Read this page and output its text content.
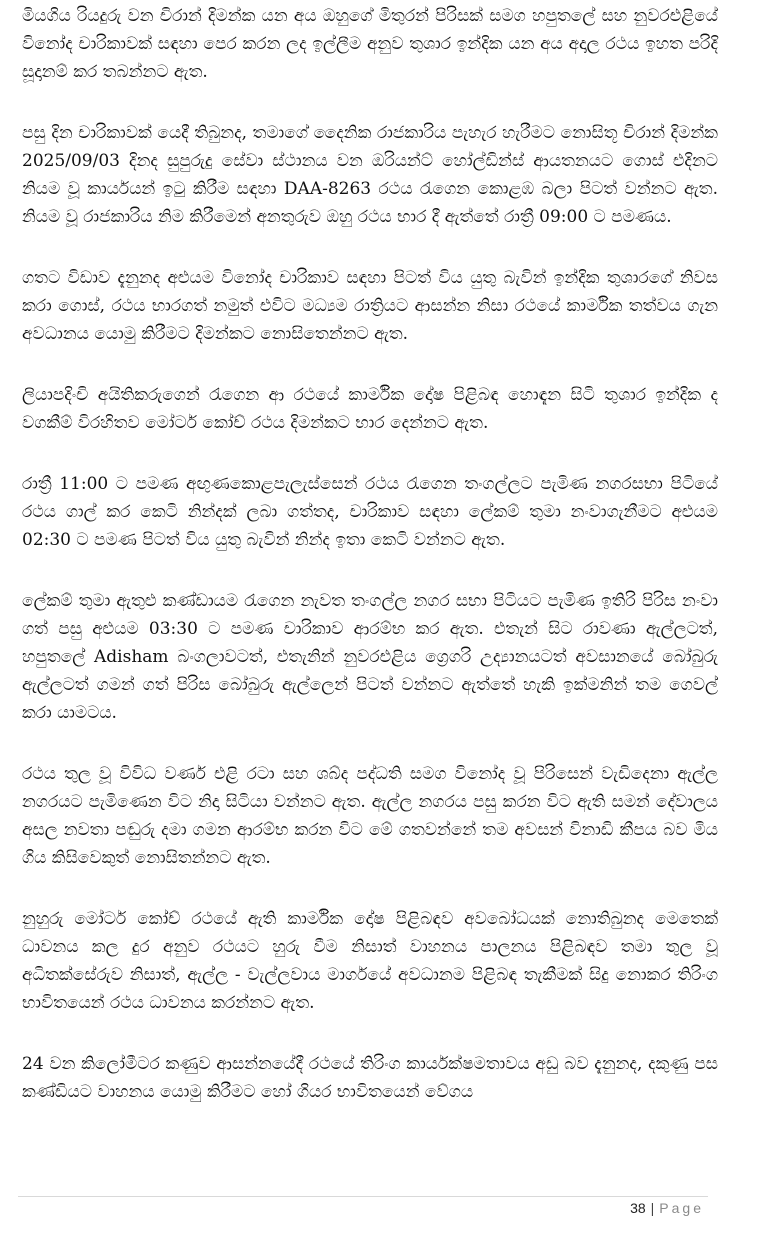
මියගිය රියදුරු වන චිරාන් දිමන්ක යන අය ඔහුගේ මිතුරන් පිරිසක් සමග හපුතලේ සහ නුවරඑළියේ විනෝද චාරිකාවක් සඳහා පෙර කරන ලද ඉල්ලීම අනුව තුශාර ඉන්දික යන අය අදාල රථය ඉහත පරිදි සූදානම් කර තබන්නට ඇත.

පසු දින චාරිකාවක් යෙදී තිබුනද, තමාගේ දෛනික රාජකාරිය පැහැර හැරීමට නොසිතූ චිරාන් දිමන්ක 2025/09/03 දිනද සුපුරුදු සේවා ස්ථානය වන ඔරියන්ට් හෝල්ඩින්ස් ආයතනයට ගොස් එදිනට නියම වූ කාර්යයන් ඉටු කිරීම සඳහා DAA-8263 රථය රැගෙන කොළඹ බලා පිටත් වන්නට ඇත. නියම වූ රාජකාරිය නිම කිරීමෙන් අනතුරුව ඔහු රථය භාර දී ඇත්තේ රාත්‍රී 09:00 ට පමණය.

ගතට විඩාව දැනුනද අළුයම විනෝද චාරිකාව සඳහා පිටත් විය යුතු බැවින් ඉන්දික තුශාරගේ නිවස කරා ගොස්, රථය භාරගත් නමුත් එවිට මධ්‍යම රාත්‍රියට ආසන්න නිසා රථයේ කාර්මික තත්වය ගැන අවධානය යොමු කිරීමට දිමන්කට නොසිතෙන්නට ඇත.

ලියාපදිංචි අයිතිකරුගෙන් රැගෙන ආ රථයේ කාර්මික දෝෂ පිළිබඳ හොඳැන සිටි තුශාර ඉන්දික ද වගකීම් විරහිතව මෝටර් කෝච් රථය දිමන්කට භාර දෙන්නට ඇත.

රාත්‍රී 11:00 ට පමණ අඟුණකොළපැලැස්සෙන් රථය රැගෙන තංගල්ලට පැමිණ නගරසභා පිටියේ රථය ගාල් කර කෙටි නින්දක් ලබා ගත්තද, චාරිකාව සඳහා ලේකම් තුමා නංවාගැනීමට අළුයම 02:30 ට පමණ පිටත් විය යුතු බැවින් නින්ද ඉතා කෙටි වන්නට ඇත.

ලේකම් තුමා ඇතුළු කණ්ඩායම රැගෙන නැවත තංගල්ල නගර සභා පිටියට පැමිණ ඉතිරි පිරිස නංවා ගත් පසු අළුයම 03:30 ට පමණ චාරිකාව ආරම්භ කර ඇත. එතැන් සිට රාවණා ඇල්ලටත්, හපුතලේ Adisham බංගලාවටත්, එතැනින් නුවරඑළිය ග්‍රෙගරි උද්‍යානයටත් අවසානයේ බෝබුරු ඇල්ලටත් ගමන් ගත් පිරිස බෝබුරු ඇල්ලෙන් පිටත් වන්නට ඇත්තේ හැකි ඉක්මනින් තම ගෙවල් කරා යාමටය.

රථය තුල වූ විවිධ වර්ණ එළි රටා සහ ශබ්ද පද්ධති සමග විනෝද වූ පිරිසෙන් වැඩිදෙනා ඇල්ල නගරයට පැමිණෙන විට නිදා සිටියා වන්නට ඇත. ඇල්ල නගරය පසු කරන විට ඇති සමන් දේවාලය අසල නවතා පඬුරු දමා ගමන ආරම්භ කරන විට මේ ගතවන්නේ තම අවසන් විනාඩි කීපය බව මිය ගිය කිසිවෙකුත් නොසිතන්නට ඇත.

නුහුරු මෝටර් කෝච් රථයේ ඇති කාර්මික දෝෂ පිළිබඳව අවබෝධයක් නොතිබුනද මෙතෙක් ධාවනය කල දුර අනුව රථයට හුරු වීම නිසාත් වාහනය පාලනය පිළිබඳව තමා තුල වූ අධිතක්සේරුව නිසාත්, ඇල්ල - වැල්ලවාය මාර්ගයේ අවධානම පිළිබඳ තැකීමක් සිදු නොකර තිරිංග භාවිතයෙන් රථය ධාවනය කරන්නට ඇත.

24 වන කිලෝමීටර කණුව ආසන්නයේදී රථයේ තිරිංග කාර්යක්ෂමතාවය අඩු බව දැනුනද, දකුණු පස කණ්ඩියට වාහනය යොමු කිරීමට හෝ ගියර භාවිතයෙන් වේගය

38 | Page
